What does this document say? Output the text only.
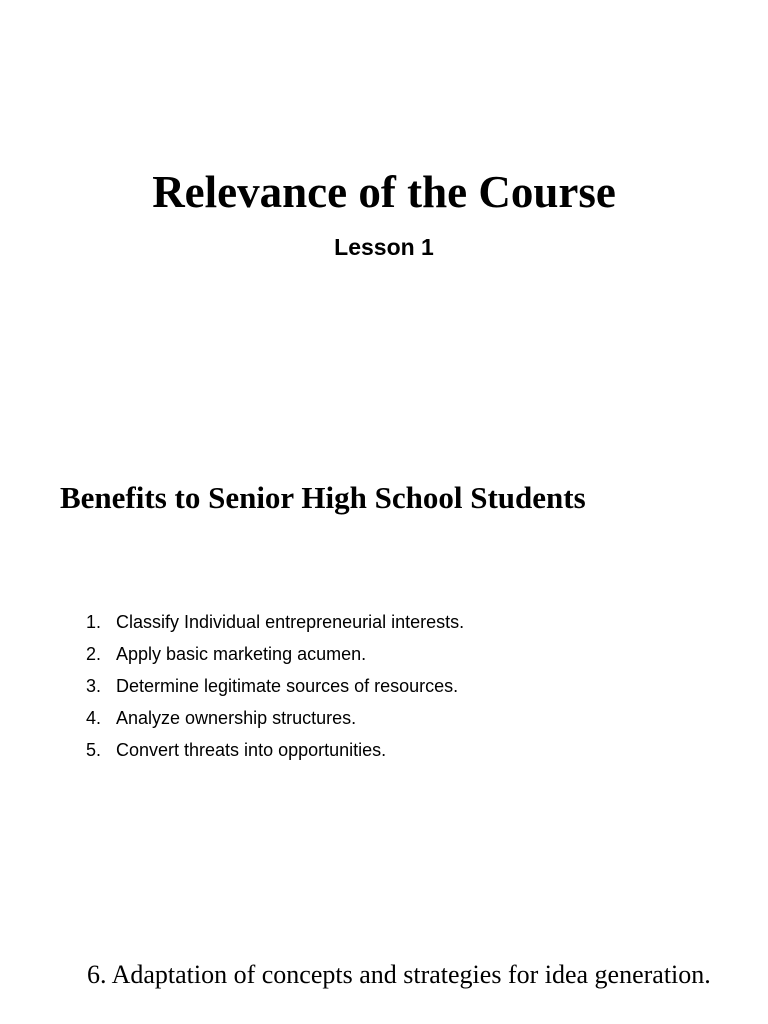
Relevance of the Course
Lesson 1
Benefits to Senior High School Students
1. Classify Individual entrepreneurial interests.
2. Apply basic marketing acumen.
3. Determine legitimate sources of resources.
4. Analyze ownership structures.
5. Convert threats into opportunities.

6. Adaptation of concepts and strategies for idea generation.
